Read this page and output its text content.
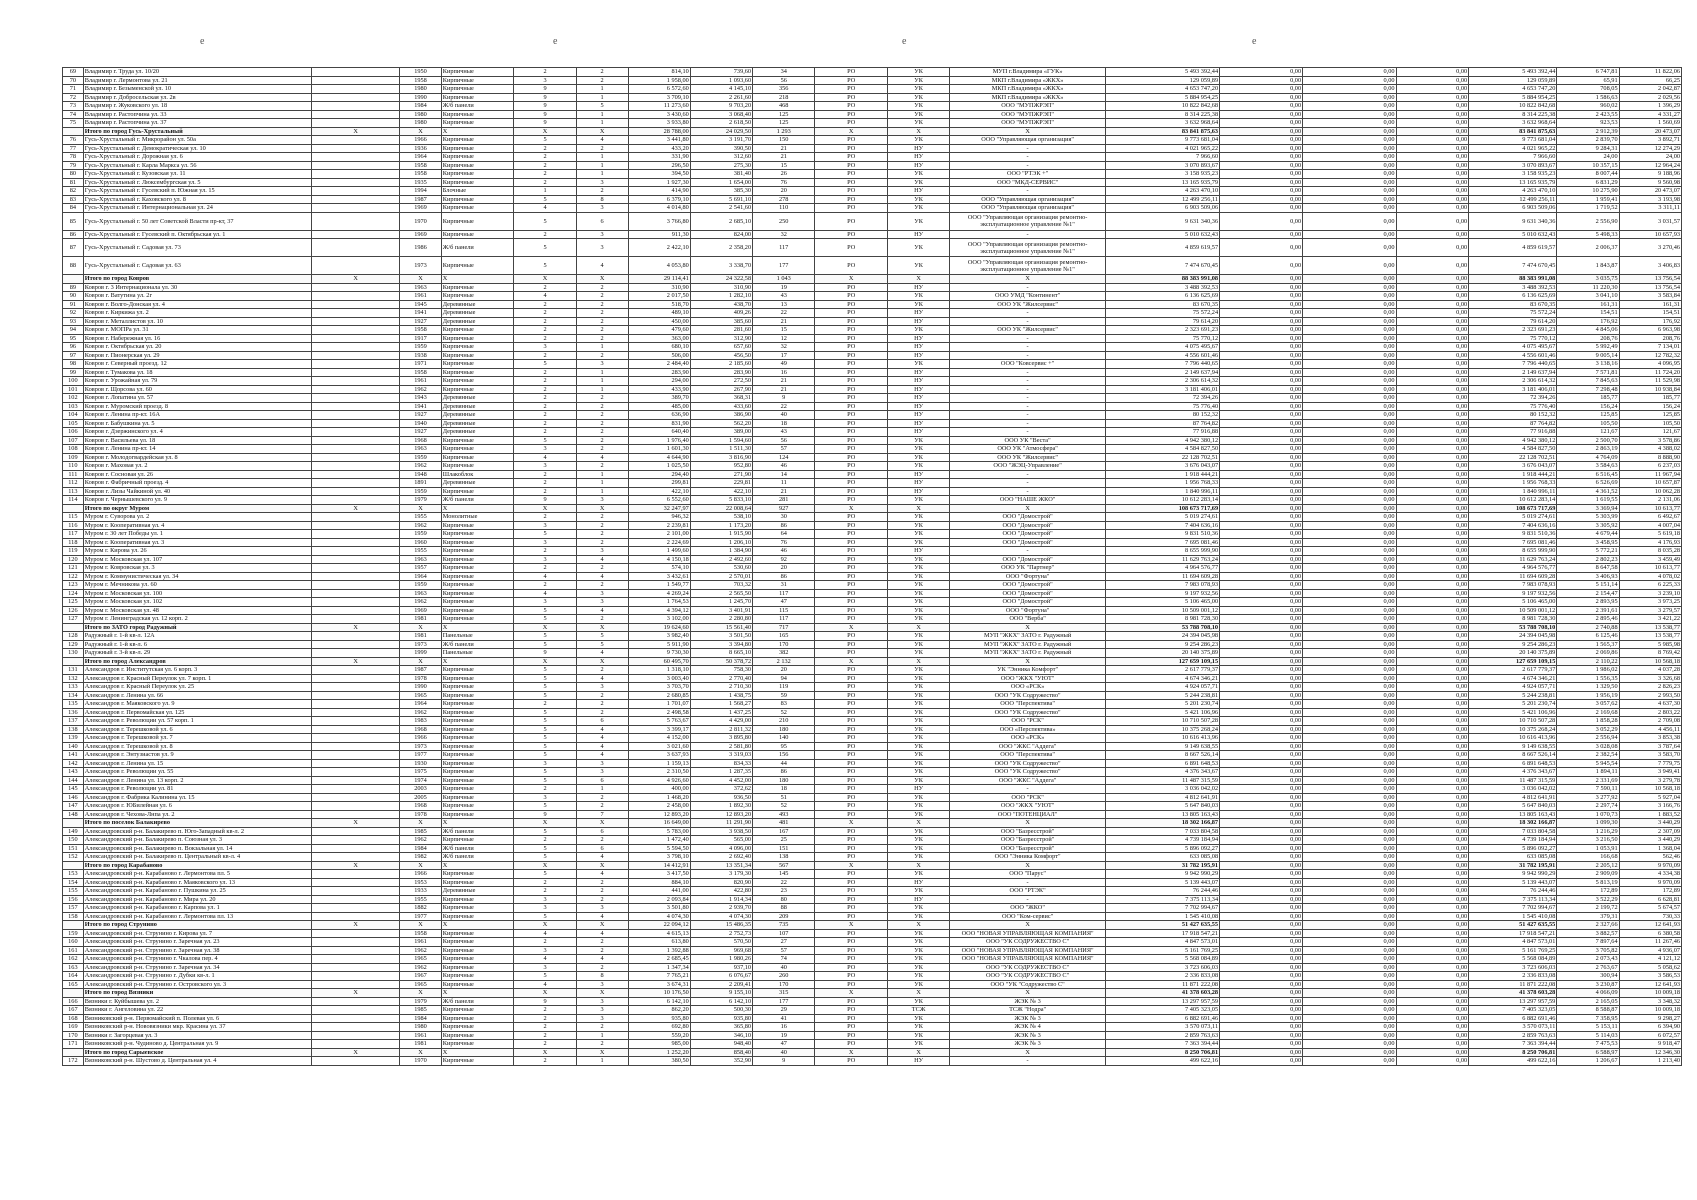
e	e	e	e
69	Владимир г. Труда ул. 10/20		1950	Кирпичные	2	2	814,10	739,60	34	РО	УК	МУП г.Владимира «ГУК»	5 493 392,44	0,00	0,00	0,00	5 493 392,44	6 747,81	11 822,06
70	Владимир г. Лермонтова ул. 21		1958	Кирпичные	3	2	1 958,00	1 093,60	56	РО	УК	МКП г.Владимира «ЖКХ»	129 059,89	0,00	0,00	0,00	129 059,89	65,91	66,25
71	Владимир г. Безыменской ул. 10		1980	Кирпичные	9	1	6 572,60	4 145,10	356	РО	УК	МКП г.Владимира «ЖКХ»	4 653 747,20	0,00	0,00	0,00	4 653 747,20	708,05	2 042,87
72	Владимир г. Добросельская ул. 2в		1990	Кирпичные	9	1	3 709,10	2 261,60	218	РО	УК	МКП г.Владимира «ЖКХ»	5 884 954,25	0,00	0,00	0,00	5 884 954,25	1 586,63	2 029,56
73	Владимир г. Жуковского ул. 18		1984	Ж/б панели	9	5	11 273,60	9 703,20	468	РО	УК	ООО "МУПЖРЭП"	10 822 842,68	0,00	0,00	0,00	10 822 842,68	960,02	1 396,29
74	Владимир г. Растопчина ул. 33		1980	Кирпичные	9	1	3 430,60	3 068,40	125	РО	УК	ООО "МУПЖРЭП"	8 314 225,38	0,00	0,00	0,00	8 314 225,38	2 423,55	4 331,27
75	Владимир г. Растопчина ул. 37		1980	Кирпичные	9	1	3 933,80	2 618,50	125	РО	УК	ООО "МУПЖРЭП"	3 632 968,64	0,00	0,00	0,00	3 632 968,64	923,53	1 560,69
	Итого по город Гусь-Хрустальный	X	X	X	X	X	28 788,00	24 029,50	1 293	X	X	X	83 841 875,63	0,00	0,00	0,00	83 841 875,63	2 912,39	20 473,07
76	Гусь-Хрустальный г. Микрорайон ул. 50а		1966	Кирпичные	5	4	3 441,80	3 191,70	150	РО	УК	ООО "Управляющая организация"	9 773 681,04	0,00	0,00	0,00	9 773 681,04	2 839,70	3 892,71
77	Гусь-Хрустальный г. Демократическая ул. 10		1936	Кирпичные	2	2	433,20	390,50	21	РО	НУ	-	4 021 965,22	0,00	0,00	0,00	4 021 965,22	9 284,31	12 274,29
78	Гусь-Хрустальный г. Дорожная ул. 6		1964	Кирпичные	2	1	331,90	312,60	21	РО	НУ	-	7 966,60	0,00	0,00	0,00	7 966,60	24,00	24,00
79	Гусь-Хрустальный г. Карла Маркса ул. 56		1958	Кирпичные	2	1	296,50	275,30	15	РО	НУ	-	3 070 893,67	0,00	0,00	0,00	3 070 893,67	10 357,15	12 964,24
80	Гусь-Хрустальный г. Кузовская ул. 11		1958	Кирпичные	2	1	394,50	381,40	26	РО	УК	ООО "РТЭК +"	3 158 935,23	0,00	0,00	0,00	3 158 935,23	8 007,44	9 188,96
81	Гусь-Хрустальный г. Люксембургская ул. 5		1935	Кирпичные	2	3	1 927,30	1 654,00	76	РО	УК	ООО "МКД-СЕРВИС"	13 165 935,79	0,00	0,00	0,00	13 165 935,79	6 831,29	9 560,98
82	Гусь-Хрустальный г. Гусевский п. Южная ул. 15		1994	Блочные	1	2	414,90	385,30	20	РО	НУ	-	4 263 470,10	0,00	0,00	0,00	4 263 470,10	10 275,90	20 473,07
83	Гусь-Хрустальный г. Каховского ул. 8		1987	Кирпичные	5	8	6 379,10	5 691,10	278	РО	УК	ООО "Управляющая организация"	12 499 256,11	0,00	0,00	0,00	12 499 256,11	1 959,41	3 193,98
84	Гусь-Хрустальный г. Интернациональная ул. 24		1969	Кирпичные	4	3	4 014,80	2 541,60	110	РО	УК	ООО "Управляющая организация"	6 903 509,06	0,00	0,00	0,00	6 903 509,06	1 719,52	3 311,11
85	Гусь-Хрустальный г. 50 лет Советской Власти пр-кт, 37		1970	Кирпичные	5	6	3 766,80	2 685,10	250	РО	УК	ООО "Управляющая организация ремонтно-эксплуатационное управление №1"	9 631 340,36	0,00	0,00	0,00	9 631 340,36	2 556,90	3 031,57
86	Гусь-Хрустальный г. Гусевский п. Октябрьская ул. 1		1969	Кирпичные	2	3	911,30	824,00	32	РО	НУ	-	5 010 632,43	0,00	0,00	0,00	5 010 632,43	5 498,33	10 657,93
87	Гусь-Хрустальный г. Садовая ул. 73		1986	Ж/б панели	5	3	2 422,10	2 358,20	117	РО	УК	ООО "Управляющая организация ремонтно-эксплуатационное управление №1"	4 859 619,57	0,00	0,00	0,00	4 859 619,57	2 006,37	3 270,46
88	Гусь-Хрустальный г. Садовая ул. 63		1973	Кирпичные	5	4	4 053,80	3 338,70	177	РО	УК	ООО "Управляющая организация ремонтно-эксплуатационное управление №1"	7 474 670,45	0,00	0,00	0,00	7 474 670,45	1 843,87	3 406,83
	Итого по город Ковров	X	X	X	X	X	29 114,41	24 322,58	1 043	X	X	X	88 383 991,08	0,00	0,00	0,00	88 383 991,08	3 035,75	13 756,54
89	Ковров г. 3 Интернационала ул. 30		1963	Кирпичные	2	2	310,90	310,90	19	РО	НУ	-	3 488 392,53	0,00	0,00	0,00	3 488 392,53	11 220,30	13 756,54
90	Ковров г. Ватутина ул. 2г		1961	Кирпичные	4	2	2 017,50	1 282,10	43	РО	УК	ООО УМД "Континент"	6 136 625,69	0,00	0,00	0,00	6 136 625,69	3 041,10	3 583,84
91	Ковров г. Волго-Донская ул. 4		1945	Деревянные	2	2	518,70	438,70	13	РО	УК	ООО УК "Жилсервис"	83 670,35	0,00	0,00	0,00	83 670,35	161,31	161,31
92	Ковров г. Киркижа ул. 2		1941	Деревянные	2	2	489,10	409,26	22	РО	НУ	-	75 572,24	0,00	0,00	0,00	75 572,24	154,51	154,51
93	Ковров г. Металлистов ул. 10		1927	Деревянные	2	2	450,00	385,60	21	РО	НУ	-	79 614,20	0,00	0,00	0,00	79 614,20	176,92	176,92
94	Ковров г. МОПРа ул. 31		1958	Кирпичные	2	2	479,60	281,60	15	РО	УК	ООО УК "Жилсервис"	2 323 691,23	0,00	0,00	0,00	2 323 691,23	4 845,06	6 963,98
95	Ковров г. Набережная ул. 16		1917	Кирпичные	2	2	363,00	312,90	12	РО	НУ	-	75 770,12	0,00	0,00	0,00	75 770,12	208,76	208,76
96	Ковров г. Октябрьская ул. 20		1959	Кирпичные	3	1	680,10	657,60	32	РО	НУ	-	4 075 495,67	0,00	0,00	0,00	4 075 495,67	5 992,49	7 134,01
97	Ковров г. Пионерская ул. 29		1938	Кирпичные	2	2	506,00	456,50	17	РО	НУ	-	4 556 601,46	0,00	0,00	0,00	4 556 601,46	9 005,14	12 782,32
98	Ковров г. Северный проезд. 12		1971	Кирпичные	5	3	2 484,40	2 185,60	49	РО	УК	ООО "Ковсервис +"	7 796 440,65	0,00	0,00	0,00	7 796 440,65	3 138,16	4 096,95
99	Ковров г. Тумакова ул. 18		1958	Кирпичные	2	1	283,90	283,90	16	РО	НУ	-	2 149 637,94	0,00	0,00	0,00	2 149 637,94	7 571,81	11 724,20
100	Ковров г. Урожайная ул. 79		1961	Кирпичные	2	1	294,00	272,50	21	РО	НУ	-	2 306 614,32	0,00	0,00	0,00	2 306 614,32	7 845,63	11 529,98
101	Ковров г. Щорсова ул. 60		1962	Кирпичные	2	1	433,90	267,90	21	РО	НУ	-	3 181 406,01	0,00	0,00	0,00	3 181 406,01	7 298,48	10 938,84
102	Ковров г. Лопатина ул. 57		1943	Деревянные	2	2	389,70	368,31	9	РО	НУ	-	72 394,26	0,00	0,00	0,00	72 394,26	185,77	185,77
103	Ковров г. Муромский проезд. 8		1941	Деревянные	2	2	485,00	433,60	22	РО	НУ	-	75 776,40	0,00	0,00	0,00	75 776,40	156,24	156,24
104	Ковров г. Ленина пр-кт. 16А		1927	Деревянные	2	2	636,90	386,90	40	РО	НУ	-	80 152,32	0,00	0,00	0,00	80 152,32	125,85	125,85
105	Ковров г. Бабушкина ул. 5		1940	Деревянные	2	2	831,90	562,20	18	РО	НУ	-	87 764,82	0,00	0,00	0,00	87 764,82	105,50	105,50
106	Ковров г. Дзержинского ул. 4		1927	Деревянные	2	2	640,40	389,00	43	РО	НУ	-	77 916,88	0,00	0,00	0,00	77 916,88	121,67	121,67
107	Ковров г. Васильева ул. 18		1968	Кирпичные	5	2	1 976,40	1 594,60	56	РО	УК	ООО УК "Веста"	4 942 380,12	0,00	0,00	0,00	4 942 380,12	2 500,70	3 578,86
108	Ковров г. Ленина пр-кт. 14		1963	Кирпичные	3	2	1 601,30	1 511,30	57	РО	УК	ООО УК "Атмосфера"	4 584 827,50	0,00	0,00	0,00	4 584 827,50	2 863,19	4 388,02
109	Ковров г. Молодогвардейская ул. 8		1959	Кирпичные	4	4	4 644,90	3 816,90	124	РО	УК	ООО УК "Жилсервис"	22 128 702,51	0,00	0,00	0,00	22 128 702,51	4 764,09	8 888,90
110	Ковров г. Маховая ул. 2		1962	Кирпичные	3	2	1 025,50	952,80	46	РО	УК	ООО "ЖЭЦ-Управление"	3 676 043,07	0,00	0,00	0,00	3 676 043,07	3 584,63	6 237,03
111	Ковров г. Сосновая ул. 26		1948	Шлакоблок	2	1	294,40	271,90	14	РО	НУ	-	1 918 444,21	0,00	0,00	0,00	1 918 444,21	6 516,45	11 967,94
112	Ковров г. Фабричный проезд. 4		1891	Деревянные	2	1	299,81	229,81	11	РО	НУ	-	1 956 768,33	0,00	0,00	0,00	1 956 768,33	6 526,69	10 657,87
113	Ковров г. Лизы Чайкиной ул. 40		1959	Кирпичные	2	1	422,10	422,10	21	РО	НУ	-	1 840 996,11	0,00	0,00	0,00	1 840 996,11	4 361,52	10 062,28
114	Ковров г. Чернышевского ул. 9		1979	Ж/б панели	9	3	6 552,60	5 833,10	281	РО	УК	ООО "НАШЕ ЖКО"	10 612 283,14	0,00	0,00	0,00	10 612 283,14	1 619,55	2 131,06
	Итого по округ Муром	X	X	X	X	X	32 247,97	22 008,64	927	X	X	X	108 673 717,69	0,00	0,00	0,00	108 673 717,69	3 369,94	10 613,77
115	Муром г. Суворова ул. 2		1955	Монолитные	2	2	946,32	538,10	30	РО	УК	ООО "Домострой"	5 019 274,61	0,00	0,00	0,00	5 019 274,61	5 303,99	6 492,67
116	Муром г. Кооперативная ул. 4		1962	Кирпичные	3	2	2 239,81	1 173,20	86	РО	УК	ООО "Домострой"	7 404 636,16	0,00	0,00	0,00	7 404 636,16	3 305,92	4 007,04
117	Муром г. 30 лет Победы ул. 1		1959	Кирпичные	5	2	2 101,00	1 915,90	64	РО	УК	ООО "Домострой"	9 831 510,36	0,00	0,00	0,00	9 831 510,36	4 679,44	5 619,18
118	Муром г. Кооперативная ул. 3		1960	Кирпичные	3	2	2 224,69	1 206,10	76	РО	УК	ООО "Домострой"	7 695 081,46	0,00	0,00	0,00	7 695 081,46	3 458,95	4 176,93
119	Муром г. Кирова ул. 26		1955	Кирпичные	2	3	1 499,60	1 384,90	46	РО	НУ	-	8 655 999,90	0,00	0,00	0,00	8 655 999,90	5 772,21	8 035,28
120	Муром г. Московская ул. 107		1963	Кирпичные	3	4	4 150,18	2 492,60	92	РО	УК	ООО "Домострой"	11 629 763,24	0,00	0,00	0,00	11 629 763,24	2 802,23	3 459,49
121	Муром г. Ковровская ул. 3		1957	Кирпичные	2	2	574,10	530,60	20	РО	УК	ООО УК "Партнер"	4 964 576,77	0,00	0,00	0,00	4 964 576,77	8 647,58	10 613,77
122	Муром г. Коммунистическая ул. 34		1964	Кирпичные	4	4	3 432,61	2 570,01	86	РО	УК	ООО "Фортуна"	11 694 609,28	0,00	0,00	0,00	11 694 609,28	3 406,93	4 078,02
123	Муром г. Мечникова ул. 60		1959	Кирпичные	2	2	1 549,77	703,32	31	РО	УК	ООО "Домострой"	7 983 078,93	0,00	0,00	0,00	7 983 078,93	5 151,14	6 225,33
124	Муром г. Московская ул. 100		1963	Кирпичные	4	3	4 269,24	2 565,50	117	РО	УК	ООО "Домострой"	9 197 932,56	0,00	0,00	0,00	9 197 932,56	2 154,47	3 239,10
125	Муром г. Московская ул. 102		1962	Кирпичные	3	3	1 764,53	1 245,70	47	РО	УК	ООО "Домострой"	5 106 465,00	0,00	0,00	0,00	5 106 465,00	2 893,95	3 973,25
126	Муром г. Московская ул. 48		1969	Кирпичные	5	4	4 394,12	3 401,91	115	РО	УК	ООО "Фортуна"	10 509 001,12	0,00	0,00	0,00	10 509 001,12	2 391,61	3 279,57
127	Муром г. Ленинградская ул. 12 корп. 2		1981	Кирпичные	5	2	3 102,00	2 280,80	117	РО	УК	ООО "Верба"	8 981 728,30	0,00	0,00	0,00	8 981 728,30	2 895,46	3 421,22
	Итого по ЗАТО город Радужный	X	X	X	X	X	19 624,60	15 561,40	717	X	X	X	53 788 708,10	0,00	0,00	0,00	53 788 708,10	2 740,88	13 538,77
128	Радужный г. 1-й кв-л. 12А		1981	Панельные	5	5	3 982,40	3 501,50	165	РО	УК	МУП "ЖКХ" ЗАТО г. Радужный	24 394 045,98	0,00	0,00	0,00	24 394 045,98	6 125,46	13 538,77
129	Радужный г. 1-й кв-л. 6		1973	Ж/б панели	5	5	5 911,90	3 394,80	170	РО	УК	МУП "ЖКХ" ЗАТО г. Радужный	9 254 286,23	0,00	0,00	0,00	9 254 286,23	1 565,37	5 985,98
130	Радужный г. 3-й кв-л. 29		1999	Панельные	9	4	9 730,30	8 665,10	382	РО	УК	МУП "ЖКХ" ЗАТО г. Радужный	20 140 375,89	0,00	0,00	0,00	20 140 375,89	2 069,86	8 769,42
	Итого по город Александров	X	X	X	X	X	60 495,70	50 378,72	2 132	X	X	X	127 659 109,15	0,00	0,00	0,00	127 659 109,15	2 110,22	10 568,18
131	Александров г. Институтская ул. 6 корп. 3		1987	Кирпичные	5	2	1 318,10	758,30	20	РО	УК	УК "Энника Комфорт"	2 617 779,37	0,00	0,00	0,00	2 617 779,37	1 986,02	4 037,28
132	Александров г. Красный Переулок ул. 7 корп. 1		1978	Кирпичные	5	4	3 003,40	2 770,40	94	РО	УК	ООО "ЖКХ "УЮТ"	4 674 346,21	0,00	0,00	0,00	4 674 346,21	1 556,35	3 326,68
133	Александров г. Красный Переулок ул. 25		1990	Кирпичные	5	3	3 703,70	2 710,30	119	РО	УК	ООО «РСК»	4 924 057,71	0,00	0,00	0,00	4 924 057,71	1 329,50	2 826,23
134	Александров г. Ленина ул. 66		1965	Кирпичные	5	2	2 680,85	1 438,75	59	РО	УК	ООО "УК Содружество"	5 244 238,81	0,00	0,00	0,00	5 244 238,81	1 956,19	2 993,50
135	Александров г. Маяковского ул. 9		1964	Кирпичные	2	2	1 701,07	1 568,27	83	РО	УК	ООО "Перспектива"	5 201 230,74	0,00	0,00	0,00	5 201 230,74	3 057,62	4 637,30
136	Александров г. Первомайская ул. 125		1962	Кирпичные	5	2	2 498,58	1 437,25	52	РО	УК	ООО "УК Содружество"	5 421 106,96	0,00	0,00	0,00	5 421 106,96	2 169,68	2 803,22
137	Александров г. Революции ул. 57 корп. 1		1983	Кирпичные	5	6	5 763,67	4 429,00	210	РО	УК	ООО "РСК"	10 710 507,28	0,00	0,00	0,00	10 710 507,28	1 858,28	2 709,08
138	Александров г. Терешковой ул. 6		1968	Кирпичные	5	4	3 399,17	2 811,32	180	РО	УК	ООО «Перспектива»	10 375 268,24	0,00	0,00	0,00	10 375 268,24	3 052,29	4 456,11
139	Александров г. Терешковой ул. 7		1966	Кирпичные	5	4	4 152,00	3 895,80	140	РО	УК	ООО «РСК»	10 616 413,96	0,00	0,00	0,00	10 616 413,96	2 556,94	3 853,38
140	Александров г. Терешковой ул. 8		1973	Кирпичные	5	4	3 021,60	2 581,80	95	РО	УК	ООО "ЖКС "Аддега"	9 149 638,55	0,00	0,00	0,00	9 149 638,55	3 028,08	3 787,64
141	Александров г. Энтузиастов ул. 9		1977	Кирпичные	5	4	3 637,93	3 319,03	156	РО	УК	ООО "Перспектива"	8 667 526,14	0,00	0,00	0,00	8 667 526,14	2 382,54	3 583,70
142	Александров г. Ленина ул. 15		1930	Кирпичные	3	3	1 159,13	834,33	44	РО	УК	ООО "УК Содружество"	6 891 648,53	0,00	0,00	0,00	6 891 648,53	5 945,54	7 779,75
143	Александров г. Революции ул. 55		1975	Кирпичные	5	3	2 310,50	1 287,35	86	РО	УК	ООО "УК Содружество"	4 376 343,67	0,00	0,00	0,00	4 376 343,67	1 894,11	3 949,41
144	Александров г. Ленина ул. 13 корп. 2		1974	Кирпичные	5	6	4 926,60	4 452,00	180	РО	УК	ООО "ЖКС "Аддега"	11 487 315,59	0,00	0,00	0,00	11 487 315,59	2 331,69	3 279,78
145	Александров г. Революции ул. 81		2003	Кирпичные	2	1	400,00	372,62	18	РО	НУ	-	3 036 042,02	0,00	0,00	0,00	3 036 042,02	7 590,11	10 568,18
146	Александров г. Фабрика Калинина ул. 15		2005	Кирпичные	3	2	1 468,20	936,50	51	РО	УК	ООО "РСК"	4 812 641,91	0,00	0,00	0,00	4 812 641,91	3 277,92	5 927,04
147	Александров г. ЮБилейная ул. 6		1968	Кирпичные	5	2	2 458,00	1 892,30	52	РО	УК	ООО "ЖКХ "УЮТ"	5 647 840,03	0,00	0,00	0,00	5 647 840,03	2 297,74	3 166,76
148	Александров г. Чехова-Лнпа ул. 2		1978	Кирпичные	9	7	12 893,20	12 893,20	493	РО	УК	ООО "ПОТЕНЦИАЛ"	13 805 163,43	0,00	0,00	0,00	13 805 163,43	1 070,73	1 883,52
	Итого по поселок Балакирево	X	X	X	X	X	16 649,00	11 291,90	481	X	X	X	18 302 166,87	0,00	0,00	0,00	18 302 166,87	1 099,30	3 440,29
149	Александровский р-н. Балакирево п. Юго-Западный кв-л. 2		1985	Ж/б панели	5	6	5 783,00	3 938,50	167	РО	УК	ООО "Базресстрой"	7 033 804,58	0,00	0,00	0,00	7 033 804,58	1 216,29	2 307,09
150	Александровский р-н. Балакирево п. Союзная ул. 3		1962	Кирпичные	2	2	1 472,40	565,00	25	РО	УК	ООО "Базресстрой"	4 739 184,94	0,00	0,00	0,00	4 739 184,94	3 216,50	3 440,29
151	Александровский р-н. Балакирево п. Вокзальная ул. 14		1984	Ж/б панели	5	6	5 594,50	4 096,00	151	РО	УК	ООО "Базресстрой"	5 896 092,27	0,00	0,00	0,00	5 896 092,27	1 053,91	1 368,04
152	Александровский р-н. Балакирево п. Центральный кв-л. 4		1982	Ж/б панели	5	4	3 798,10	2 692,40	138	РО	УК	ООО "Энника Комфорт"	633 085,08	0,00	0,00	0,00	633 085,08	166,68	562,46
	Итого по город Карабаново	X	X	X	X	X	14 412,91	13 351,34	567	X	X	X	31 782 195,91	0,00	0,00	0,00	31 782 195,91	2 205,12	9 970,09
153	Александровский р-н. Карабаново г. Лермонтова пл. 5		1966	Кирпичные	5	4	3 417,50	3 179,30	145	РО	УК	ООО "Парус"	9 942 990,29	0,00	0,00	0,00	9 942 990,29	2 909,09	4 334,38
154	Александровский р-н. Карабаново г. Маяковского ул. 13		1953	Кирпичные	2	2	884,10	820,90	22	РО	НУ	-	5 139 443,07	0,00	0,00	0,00	5 139 443,07	5 813,19	9 970,09
155	Александровский р-н. Карабаново г. Пушкина ул. 25		1933	Деревянные	2	2	441,00	422,80	23	РО	УК	ООО "РТЭК"	76 244,46	0,00	0,00	0,00	76 244,46	172,89	172,89
156	Александровский р-н. Карабаново г. Мира ул. 20		1955	Кирпичные	3	2	2 093,84	1 914,34	80	РО	НУ	-	7 375 113,34	0,00	0,00	0,00	7 375 113,34	3 522,29	6 628,81
157	Александровский р-н. Карабаново г. Карпова ул. 1		1882	Кирпичные	3	3	3 501,80	2 939,70	88	РО	УК	ООО "ЖКО"	7 702 994,67	0,00	0,00	0,00	7 702 994,67	2 199,72	5 674,57
158	Александровский р-н. Карабаново г. Лермонтова пл. 13		1977	Кирпичные	5	4	4 074,30	4 074,30	209	РО	УК	ООО "Ком-сервис"	1 545 410,08	0,00	0,00	0,00	1 545 410,08	379,31	730,33
	Итого по город Струнино	X	X	X	X	X	22 094,12	15 486,35	735	X	X	X	51 427 635,55	0,00	0,00	0,00	51 427 635,55	2 327,66	12 641,93
159	Александровский р-н. Струнино г. Кирова ул. 7		1958	Кирпичные	4	4	4 615,13	2 752,73	107	РО	УК	ООО "НОВАЯ УПРАВЛЯЮЩАЯ КОМПАНИЯ"	17 918 547,21	0,00	0,00	0,00	17 918 547,21	3 882,57	6 380,58
160	Александровский р-н. Струнино г. Заречная ул. 23		1961	Кирпичные	2	2	613,80	570,50	27	РО	УК	ООО "УК СОДРУЖЕСТВО С"	4 847 573,01	0,00	0,00	0,00	4 847 573,01	7 897,64	11 267,46
161	Александровский р-н. Струнино г. Заречная ул. 38		1962	Кирпичные	3	2	1 392,88	969,68	57	РО	УК	ООО "НОВАЯ УПРАВЛЯЮЩАЯ КОМПАНИЯ"	5 161 769,25	0,00	0,00	0,00	5 161 769,25	3 705,82	4 936,07
162	Александровский р-н. Струнино г. Чкалова пер. 4		1965	Кирпичные	4	4	2 685,45	1 980,26	74	РО	УК	ООО "НОВАЯ УПРАВЛЯЮЩАЯ КОМПАНИЯ"	5 568 084,89	0,00	0,00	0,00	5 568 084,89	2 073,43	4 121,12
163	Александровский р-н. Струнино г. Заречная ул. 34		1962	Кирпичные	3	2	1 347,34	937,10	40	РО	УК	ООО "УК СОДРУЖЕСТВО С"	3 723 606,03	0,00	0,00	0,00	3 723 606,03	2 763,67	5 058,62
164	Александровский р-н. Струнино г. Дубки кв-л. 1		1967	Кирпичные	5	8	7 765,21	6 076,67	260	РО	УК	ООО "УК СОДРУЖЕСТВО С"	2 336 833,08	0,00	0,00	0,00	2 336 833,08	300,94	3 586,53
165	Александровский р-н. Струнино г. Островского ул. 3		1965	Кирпичные	4	3	3 674,31	2 209,41	170	РО	УК	ООО "УК "Содружество С"	11 871 222,08	0,00	0,00	0,00	11 871 222,08	3 230,87	12 641,93
	Итого по город Вязники	X	X	X	X	X	10 176,50	9 155,10	315	X	X	X	41 378 603,28	0,00	0,00	0,00	41 378 603,28	4 066,09	10 009,18
166	Вязники г. Куйбышева ул. 2		1979	Ж/б панели	9	3	6 142,10	6 142,10	177	РО	УК	ЖЭК № 3	13 297 957,59	0,00	0,00	0,00	13 297 957,59	2 165,05	3 348,32
167	Вязники г. Ангеловина ул. 22		1985	Кирпичные	2	3	862,20	500,30	29	РО	ТСЖ	ТСЖ "Нодра"	7 405 323,05	0,00	0,00	0,00	7 405 323,05	8 588,87	10 009,18
168	Вязниковский р-н. Первомайский п. Полевая ул. 6		1984	Кирпичные	2	3	935,80	935,80	41	РО	УК	ЖЭК № 3	6 882 691,46	0,00	0,00	0,00	6 882 691,46	7 358,95	9 298,27
169	Вязниковский р-н. Нововязники мкр. Красина ул. 37		1980	Кирпичные	2	2	692,80	365,80	16	РО	УК	ЖЭК № 4	3 570 073,11	0,00	0,00	0,00	3 570 073,11	5 153,11	6 394,90
170	Вязники г. Загорцевая ул. 3		1961	Кирпичные	2	1	559,20	346,10	19	РО	УК	ЖЭК № 3	2 859 763,63	0,00	0,00	0,00	2 859 763,63	5 114,03	6 072,57
171	Вязниковский р-н. Чудиново д. Центральная ул. 9		1981	Кирпичные	2	2	985,00	948,40	47	РО	УК	ЖЭК № 3	7 363 394,44	0,00	0,00	0,00	7 363 394,44	7 475,53	9 918,47
	Итого по город Сарыевское	X	X	X	X	X	1 252,20	858,40	40	X	X	X	8 250 706,81	0,00	0,00	0,00	8 250 706,81	6 588,97	12 346,30
172	Вязниковский р-н. Шустово д. Центральная ул. 4		1970	Кирпичные	2	1	380,50	352,90	9	РО	НУ	-	499 622,16	0,00	0,00	0,00	499 622,16	1 206,67	1 213,40
